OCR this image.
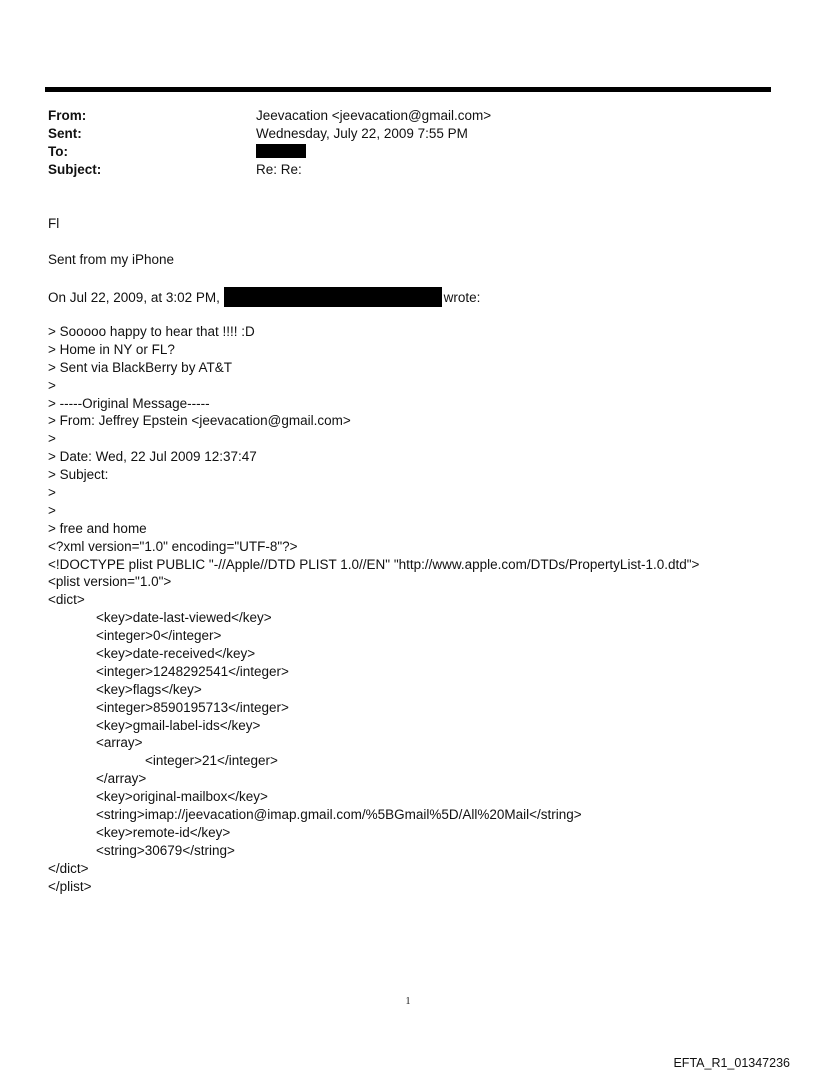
From:	Jeevacation <jeevacation@gmail.com>
Sent:	Wednesday, July 22, 2009 7:55 PM
To:
Subject:	Re: Re:
Fl
Sent from my iPhone
On Jul 22, 2009, at 3:02 PM,	wrote:
> Sooooo happy to hear that !!!! :D
> Home in NY or FL?
> Sent via BlackBerry by AT&T
>
> -----Original Message-----
> From: Jeffrey Epstein <jeevacation@gmail.com>
>
> Date: Wed, 22 Jul 2009 12:37:47
> Subject:
>
>
> free and home
<?xml version="1.0" encoding="UTF-8"?>
<!DOCTYPE plist PUBLIC "-//Apple//DTD PLIST 1.0//EN" "http://www.apple.com/DTDs/PropertyList-1.0.dtd">
<plist version="1.0">
<dict>
<key>date-last-viewed</key>
<integer>0</integer>
<key>date-received</key>
<integer>1248292541</integer>
<key>flags</key>
<integer>8590195713</integer>
<key>gmail-label-ids</key>
<array>
<integer>21</integer>
</array>
<key>original-mailbox</key>
<string>imap://jeevacation@imap.gmail.com/%5BGmail%5D/All%20Mail</string>
<key>remote-id</key>
<string>30679</string>
</dict>
</plist>
1
EFTA_R1_01347236
